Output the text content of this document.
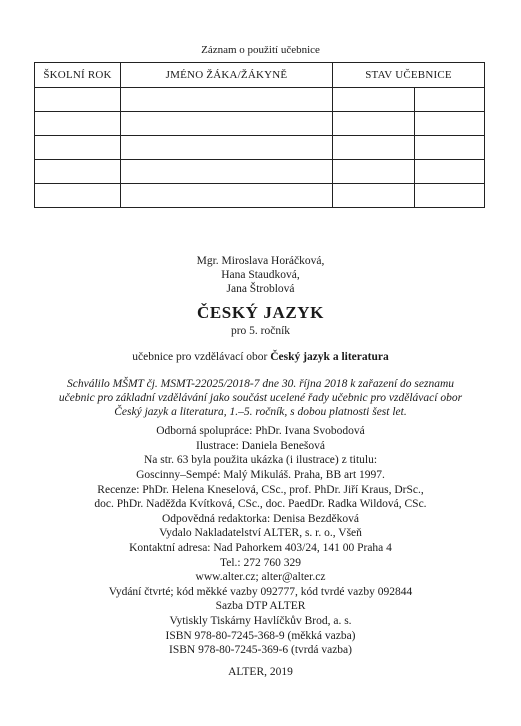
Záznam o použití učebnice
ŠKOLNÍ ROK	JMÉNO ŽÁKA/ŽÁKYNĚ	STAV UČEBNICE	

Mgr. Miroslava Horáčková,
Hana Staudková,
Jana Štroblová
ČESKÝ JAZYK
pro 5. ročník
učebnice pro vzdělávací obor Český jazyk a literatura
Schválilo MŠMT čj. MSMT-22025/2018-7 dne 30. října 2018 k zařazení do seznamu
učebnic pro základní vzdělávání jako součást ucelené řady učebnic pro vzdělávací obor
Český jazyk a literatura, 1.–5. ročník, s dobou platnosti šest let.
Odborná spolupráce: PhDr. Ivana Svobodová
Ilustrace: Daniela Benešová
Na str. 63 byla použita ukázka (i ilustrace) z titulu:
Goscinny–Sempé: Malý Mikuláš. Praha, BB art 1997.
Recenze: PhDr. Helena Kneselová, CSc., prof. PhDr. Jiří Kraus, DrSc.,
doc. PhDr. Naděžda Kvítková, CSc., doc. PaedDr. Radka Wildová, CSc.
Odpovědná redaktorka: Denisa Bezděková
Vydalo Nakladatelství ALTER, s. r. o., Všeň
Kontaktní adresa: Nad Pahorkem 403/24, 141 00 Praha 4
Tel.: 272 760 329
www.alter.cz; alter@alter.cz
Vydání čtvrté; kód měkké vazby 092777, kód tvrdé vazby 092844
Sazba DTP ALTER
Vytiskly Tiskárny Havlíčkův Brod, a. s.
ISBN 978-80-7245-368-9 (měkká vazba)
ISBN 978-80-7245-369-6 (tvrdá vazba)
ALTER, 2019
